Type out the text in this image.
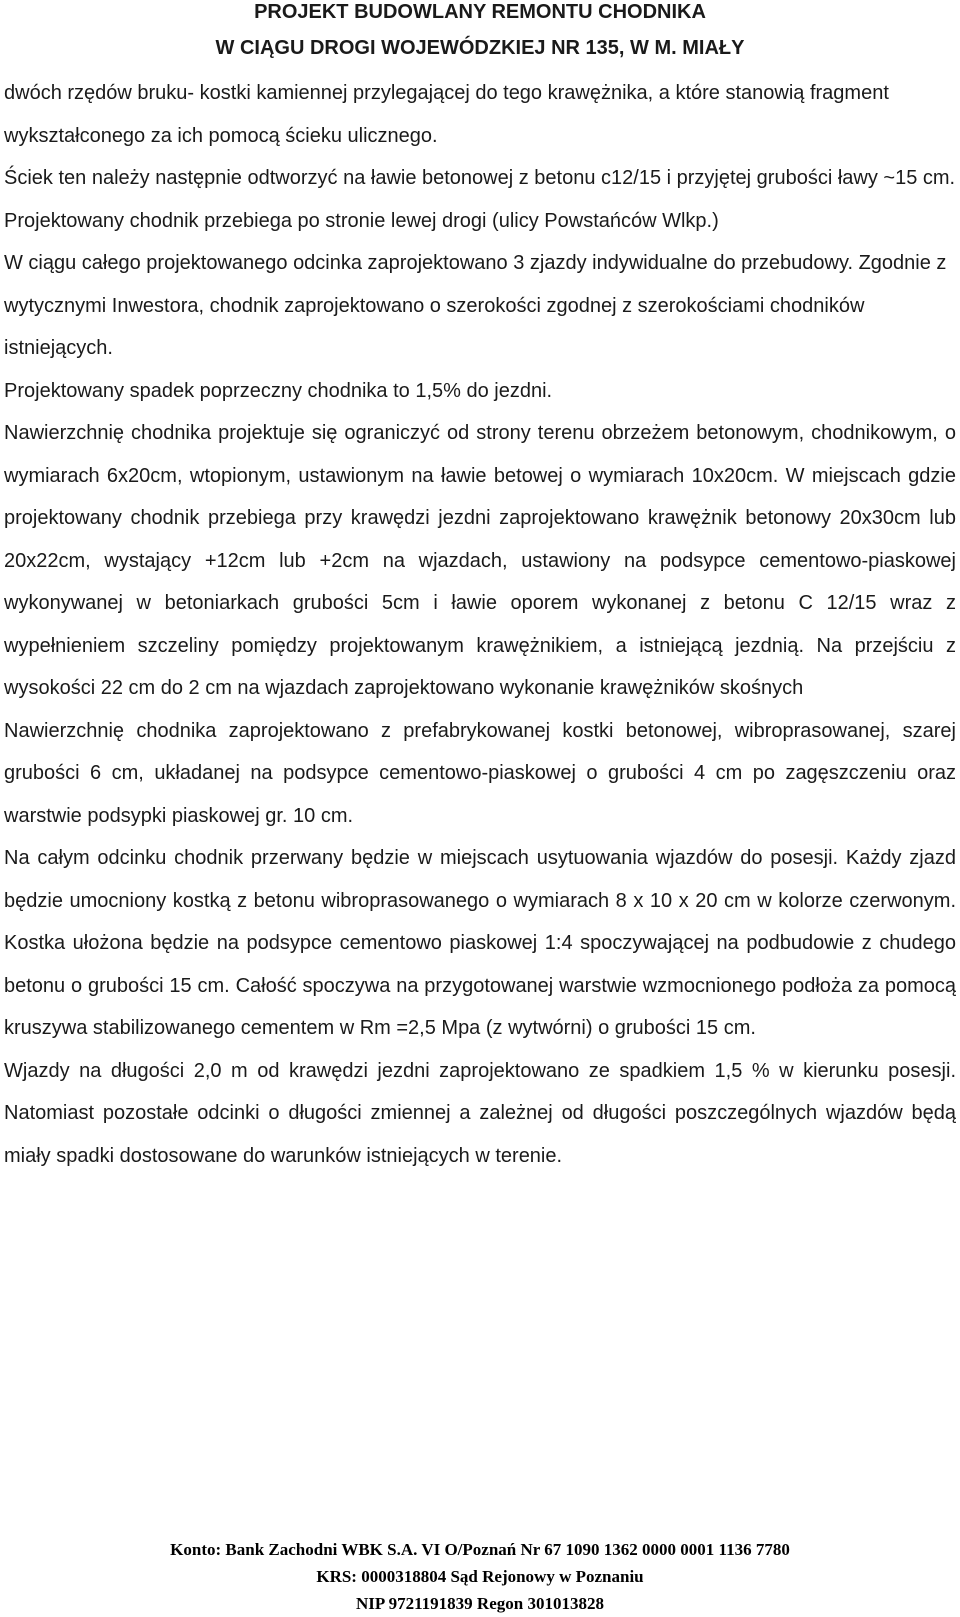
PROJEKT BUDOWLANY REMONTU CHODNIKA
W CIĄGU DROGI WOJEWÓDZKIEJ NR 135, W M. MIAŁY

dwóch rzędów bruku- kostki kamiennej przylegającej do tego krawężnika, a które stanowią fragment wykształconego za ich pomocą ścieku ulicznego.

Ściek ten należy następnie odtworzyć na ławie betonowej z betonu c12/15 i przyjętej grubości ławy ~15 cm.

Projektowany chodnik przebiega po stronie lewej drogi (ulicy Powstańców Wlkp.)

W ciągu całego projektowanego odcinka zaprojektowano 3 zjazdy indywidualne do przebudowy. Zgodnie z wytycznymi Inwestora, chodnik zaprojektowano o szerokości zgodnej z szerokościami chodników istniejących.

Projektowany spadek poprzeczny chodnika to 1,5% do jezdni.

Nawierzchnię chodnika projektuje się ograniczyć od strony terenu obrzeżem betonowym, chodnikowym, o wymiarach 6x20cm, wtopionym, ustawionym na ławie betowej o wymiarach 10x20cm. W miejscach gdzie projektowany chodnik przebiega przy krawędzi jezdni zaprojektowano krawężnik betonowy 20x30cm lub 20x22cm, wystający +12cm lub +2cm na wjazdach, ustawiony na podsypce cementowo-piaskowej wykonywanej w betoniarkach grubości 5cm i ławie oporem wykonanej z betonu C 12/15 wraz z wypełnieniem szczeliny pomiędzy projektowanym krawężnikiem, a istniejącą jezdnią. Na przejściu z wysokości 22 cm do 2 cm na wjazdach zaprojektowano wykonanie krawężników skośnych

Nawierzchnię chodnika zaprojektowano z prefabrykowanej kostki betonowej, wibroprasowanej, szarej grubości 6 cm, układanej na podsypce cementowo-piaskowej o grubości 4 cm po zagęszczeniu oraz warstwie podsypki piaskowej gr. 10 cm.

Na całym odcinku chodnik przerwany będzie w miejscach usytuowania wjazdów do posesji. Każdy zjazd będzie umocniony kostką z betonu wibroprasowanego o wymiarach 8 x 10 x 20 cm w kolorze czerwonym. Kostka ułożona będzie na podsypce cementowo piaskowej 1:4 spoczywającej na podbudowie z chudego betonu o grubości 15 cm. Całość spoczywa na przygotowanej warstwie wzmocnionego podłoża za pomocą kruszywa stabilizowanego cementem w Rm =2,5 Mpa (z wytwórni) o grubości 15 cm.

Wjazdy na długości 2,0 m od krawędzi jezdni zaprojektowano ze spadkiem 1,5 % w kierunku posesji. Natomiast pozostałe odcinki o długości zmiennej a zależnej od długości poszczególnych wjazdów będą miały spadki dostosowane do warunków istniejących w terenie.

Konto: Bank Zachodni WBK S.A. VI O/Poznań Nr 67 1090 1362 0000 0001 1136 7780
KRS: 0000318804 Sąd Rejonowy w Poznaniu
NIP 9721191839 Regon 301013828
